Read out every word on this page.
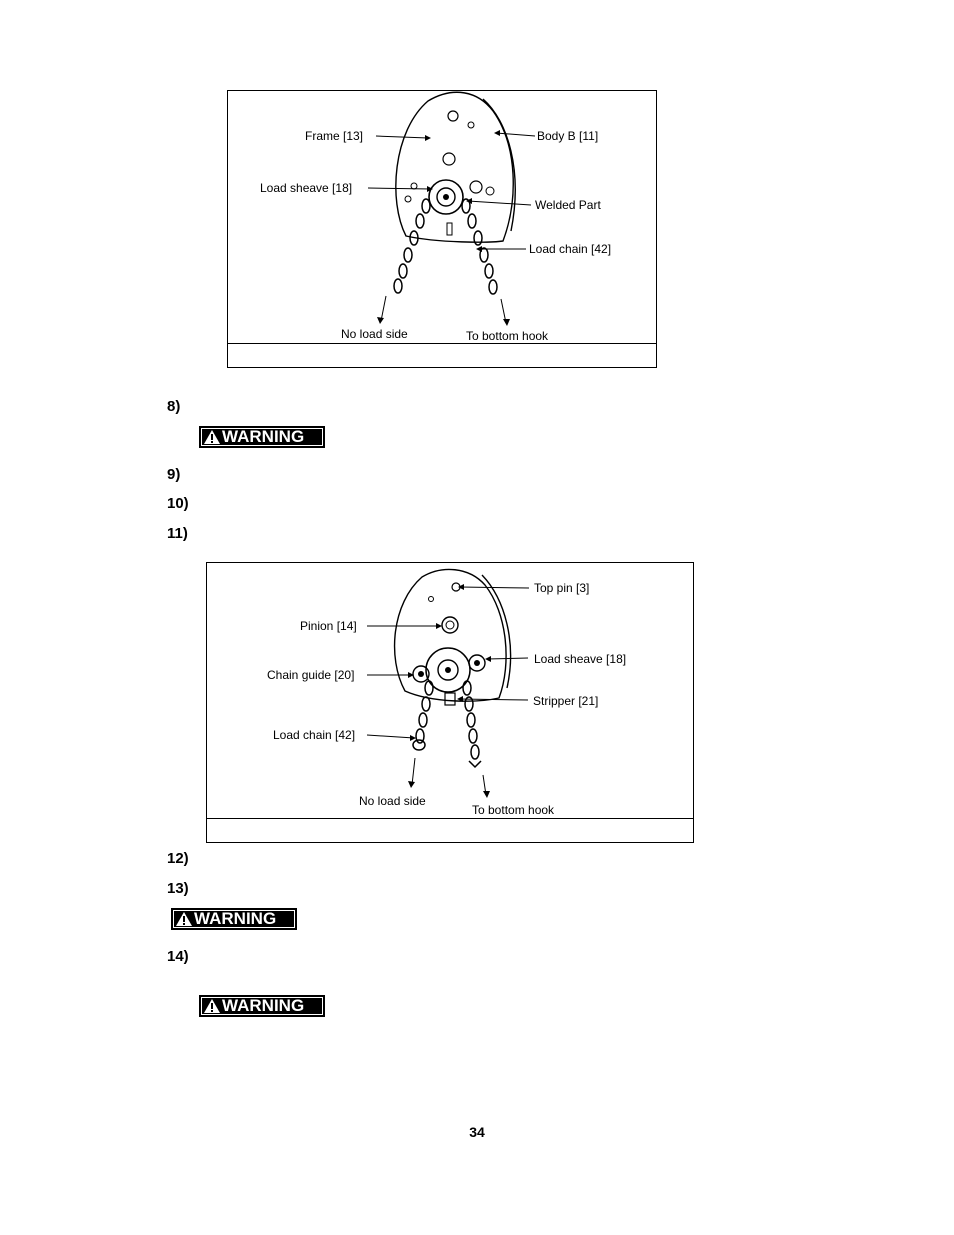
Frame [13]	Body B [11]
Load sheave [18]
Welded Part
Load chain [42]
No load side	To bottom hook
8)
WARNING
9)
10)
11)
Top pin [3]
Pinion [14]
Load sheave [18]
Chain guide [20]
Stripper [21]
Load chain [42]
No load side
To bottom hook
12)
13)
WARNING
14)
WARNING
34
